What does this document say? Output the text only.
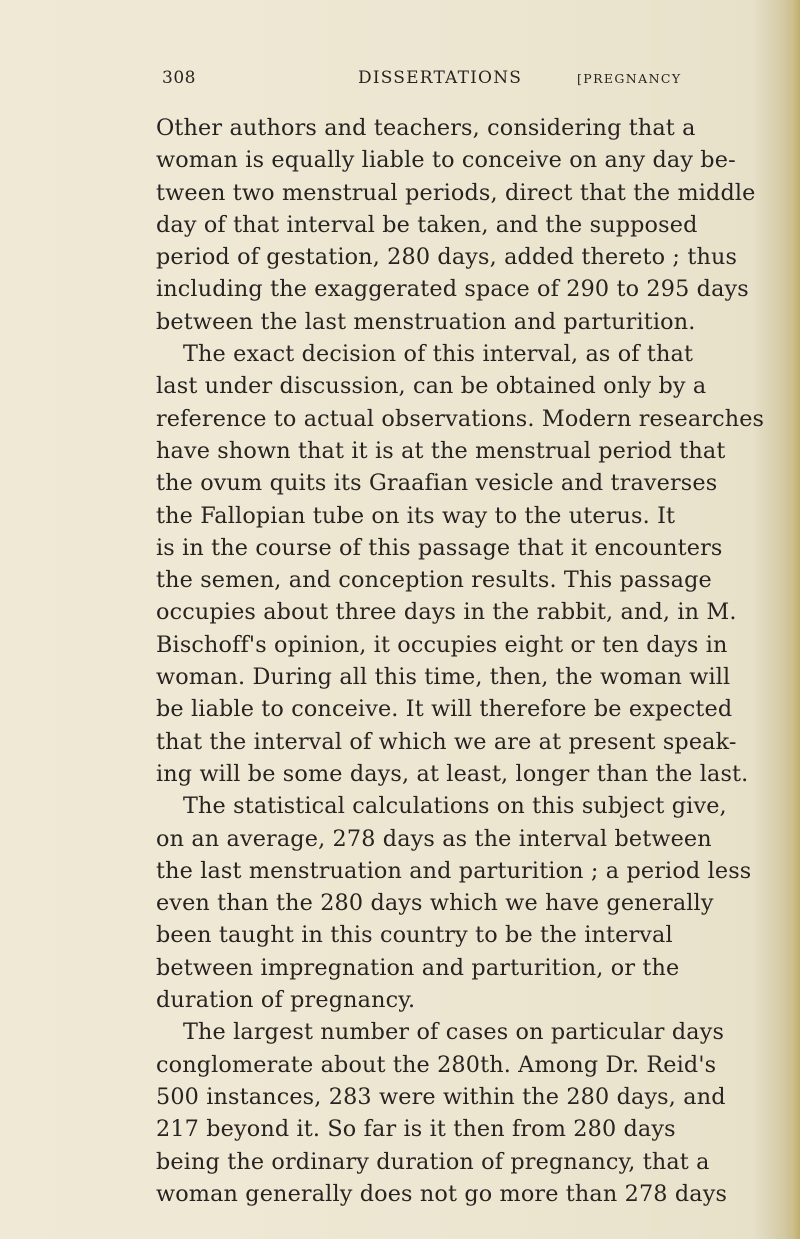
308	DISSERTATIONS	[PREGNANCY
Other authors and teachers, considering that a
woman is equally liable to conceive on any day be-
tween two menstrual periods, direct that the middle
day of that interval be taken, and the supposed
period of gestation, 280 days, added thereto ; thus
including the exaggerated space of 290 to 295 days
between the last menstruation and parturition.
The exact decision of this interval, as of that
last under discussion, can be obtained only by a
reference to actual observations. Modern researches
have shown that it is at the menstrual period that
the ovum quits its Graafian vesicle and traverses
the Fallopian tube on its way to the uterus. It
is in the course of this passage that it encounters
the semen, and conception results. This passage
occupies about three days in the rabbit, and, in M.
Bischoff's opinion, it occupies eight or ten days in
woman. During all this time, then, the woman will
be liable to conceive. It will therefore be expected
that the interval of which we are at present speak-
ing will be some days, at least, longer than the last.
The statistical calculations on this subject give,
on an average, 278 days as the interval between
the last menstruation and parturition ; a period less
even than the 280 days which we have generally
been taught in this country to be the interval
between impregnation and parturition, or the
duration of pregnancy.
The largest number of cases on particular days
conglomerate about the 280th. Among Dr. Reid's
500 instances, 283 were within the 280 days, and
217 beyond it. So far is it then from 280 days
being the ordinary duration of pregnancy, that a
woman generally does not go more than 278 days
